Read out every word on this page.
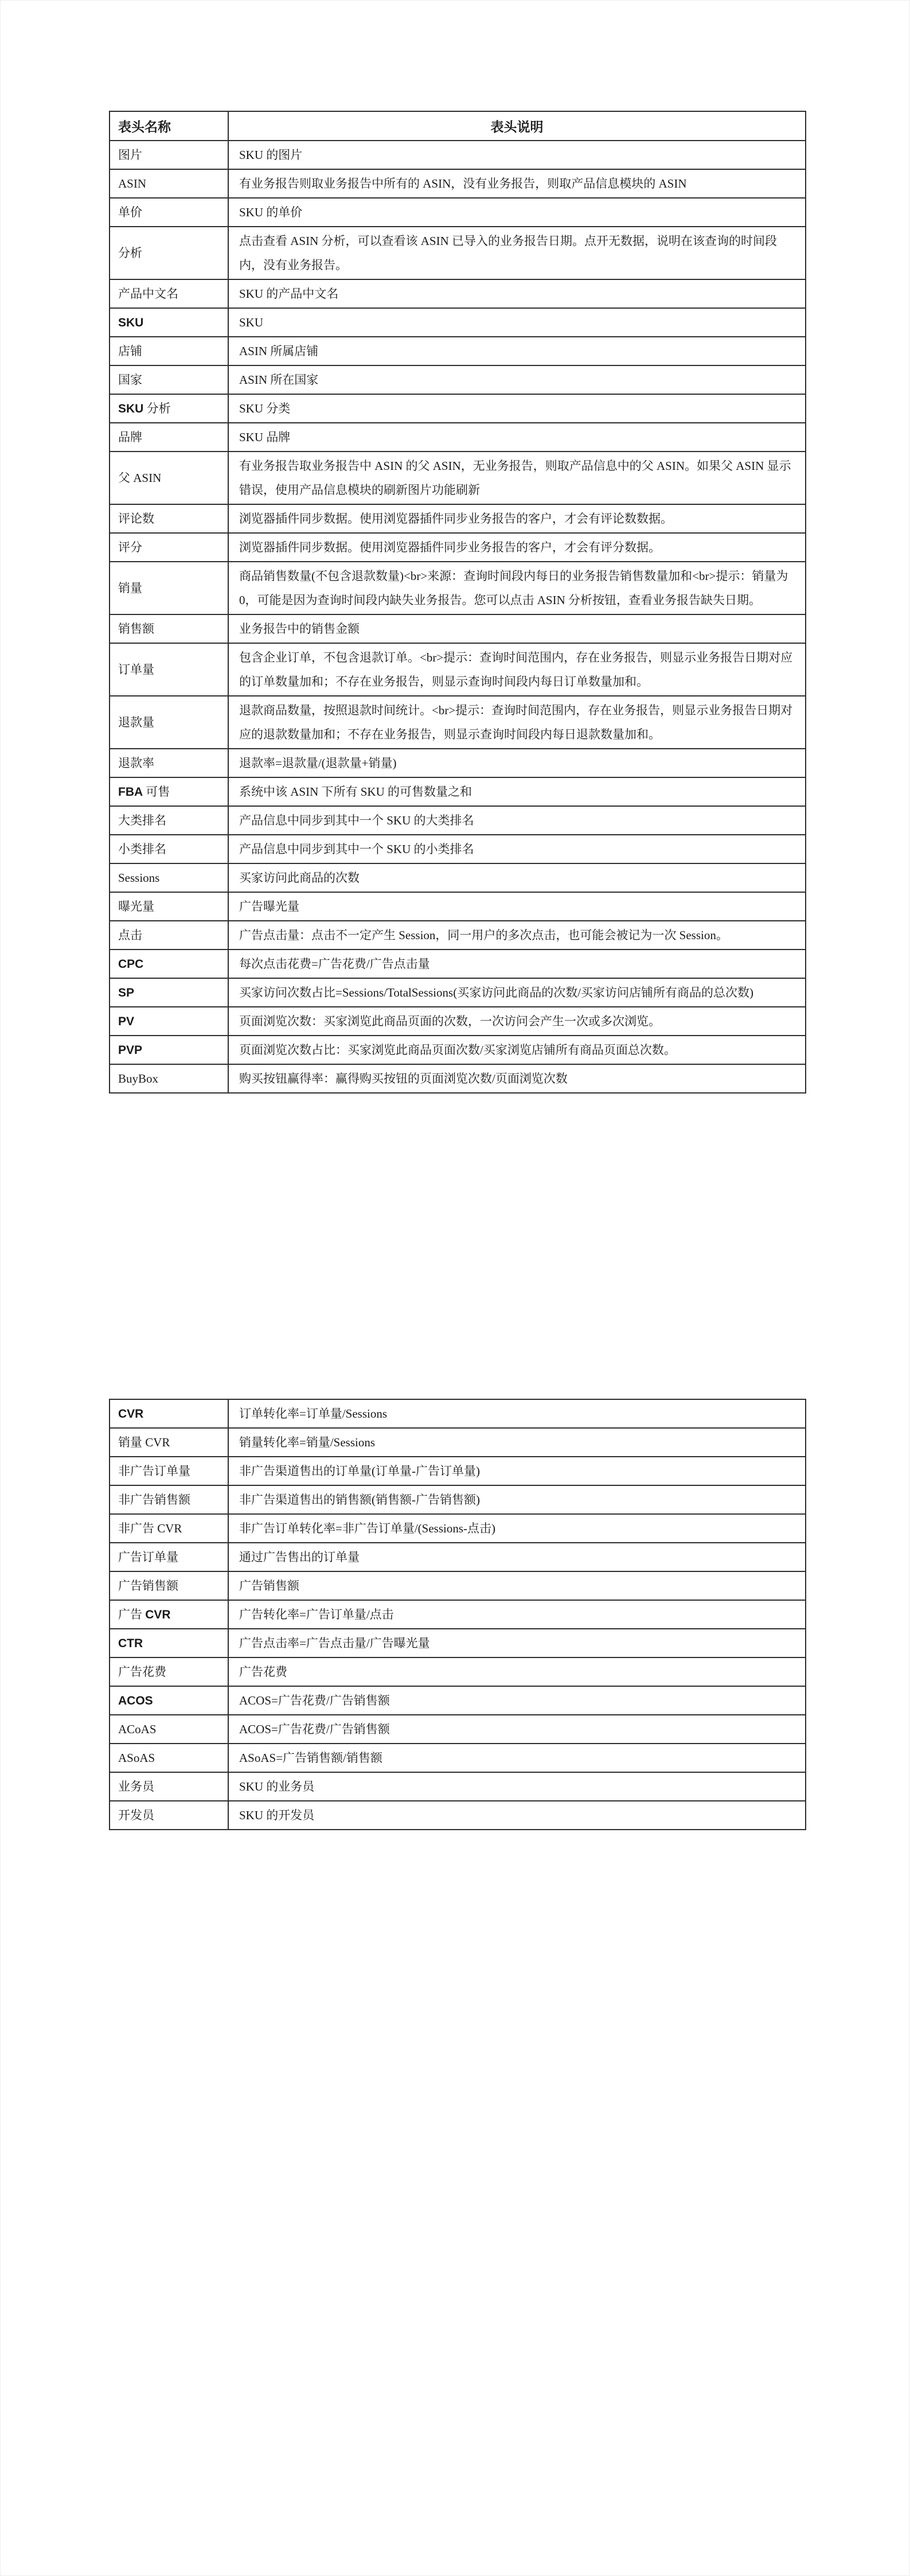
表头名称	表头说明
图片	SKU 的图片
ASIN	有业务报告则取业务报告中所有的 ASIN，没有业务报告，则取产品信息模块的 ASIN
单价	SKU 的单价
分析	点击查看 ASIN 分析，可以查看该 ASIN 已导入的业务报告日期。点开无数据，说明在该查询的时间段内，没有业务报告。
产品中文名	SKU 的产品中文名
SKU	SKU
店铺	ASIN 所属店铺
国家	ASIN 所在国家
SKU 分析	SKU 分类
品牌	SKU 品牌
父 ASIN	有业务报告取业务报告中 ASIN 的父 ASIN，无业务报告，则取产品信息中的父 ASIN。如果父 ASIN 显示错误，使用产品信息模块的刷新图片功能刷新
评论数	浏览器插件同步数据。使用浏览器插件同步业务报告的客户，才会有评论数数据。
评分	浏览器插件同步数据。使用浏览器插件同步业务报告的客户，才会有评分数据。
销量	商品销售数量(不包含退款数量)<br>来源：查询时间段内每日的业务报告销售数量加和<br>提示：销量为 0，可能是因为查询时间段内缺失业务报告。您可以点击 ASIN 分析按钮，查看业务报告缺失日期。
销售额	业务报告中的销售金额
订单量	包含企业订单，不包含退款订单。<br>提示：查询时间范围内，存在业务报告，则显示业务报告日期对应的订单数量加和；不存在业务报告，则显示查询时间段内每日订单数量加和。
退款量	退款商品数量，按照退款时间统计。<br>提示：查询时间范围内，存在业务报告，则显示业务报告日期对应的退款数量加和；不存在业务报告，则显示查询时间段内每日退款数量加和。
退款率	退款率=退款量/(退款量+销量)
FBA 可售	系统中该 ASIN 下所有 SKU 的可售数量之和
大类排名	产品信息中同步到其中一个 SKU 的大类排名
小类排名	产品信息中同步到其中一个 SKU 的小类排名
Sessions	买家访问此商品的次数
曝光量	广告曝光量
点击	广告点击量：点击不一定产生 Session，同一用户的多次点击，也可能会被记为一次 Session。
CPC	每次点击花费=广告花费/广告点击量
SP	买家访问次数占比=Sessions/TotalSessions(买家访问此商品的次数/买家访问店铺所有商品的总次数)
PV	页面浏览次数：买家浏览此商品页面的次数，一次访问会产生一次或多次浏览。
PVP	页面浏览次数占比：买家浏览此商品页面次数/买家浏览店铺所有商品页面总次数。
BuyBox	购买按钮赢得率：赢得购买按钮的页面浏览次数/页面浏览次数
CVR	订单转化率=订单量/Sessions
销量 CVR	销量转化率=销量/Sessions
非广告订单量	非广告渠道售出的订单量(订单量-广告订单量)
非广告销售额	非广告渠道售出的销售额(销售额-广告销售额)
非广告 CVR	非广告订单转化率=非广告订单量/(Sessions-点击)
广告订单量	通过广告售出的订单量
广告销售额	广告销售额
广告 CVR	广告转化率=广告订单量/点击
CTR	广告点击率=广告点击量/广告曝光量
广告花费	广告花费
ACOS	ACOS=广告花费/广告销售额
ACoAS	ACOS=广告花费/广告销售额
ASoAS	ASoAS=广告销售额/销售额
业务员	SKU 的业务员
开发员	SKU 的开发员
